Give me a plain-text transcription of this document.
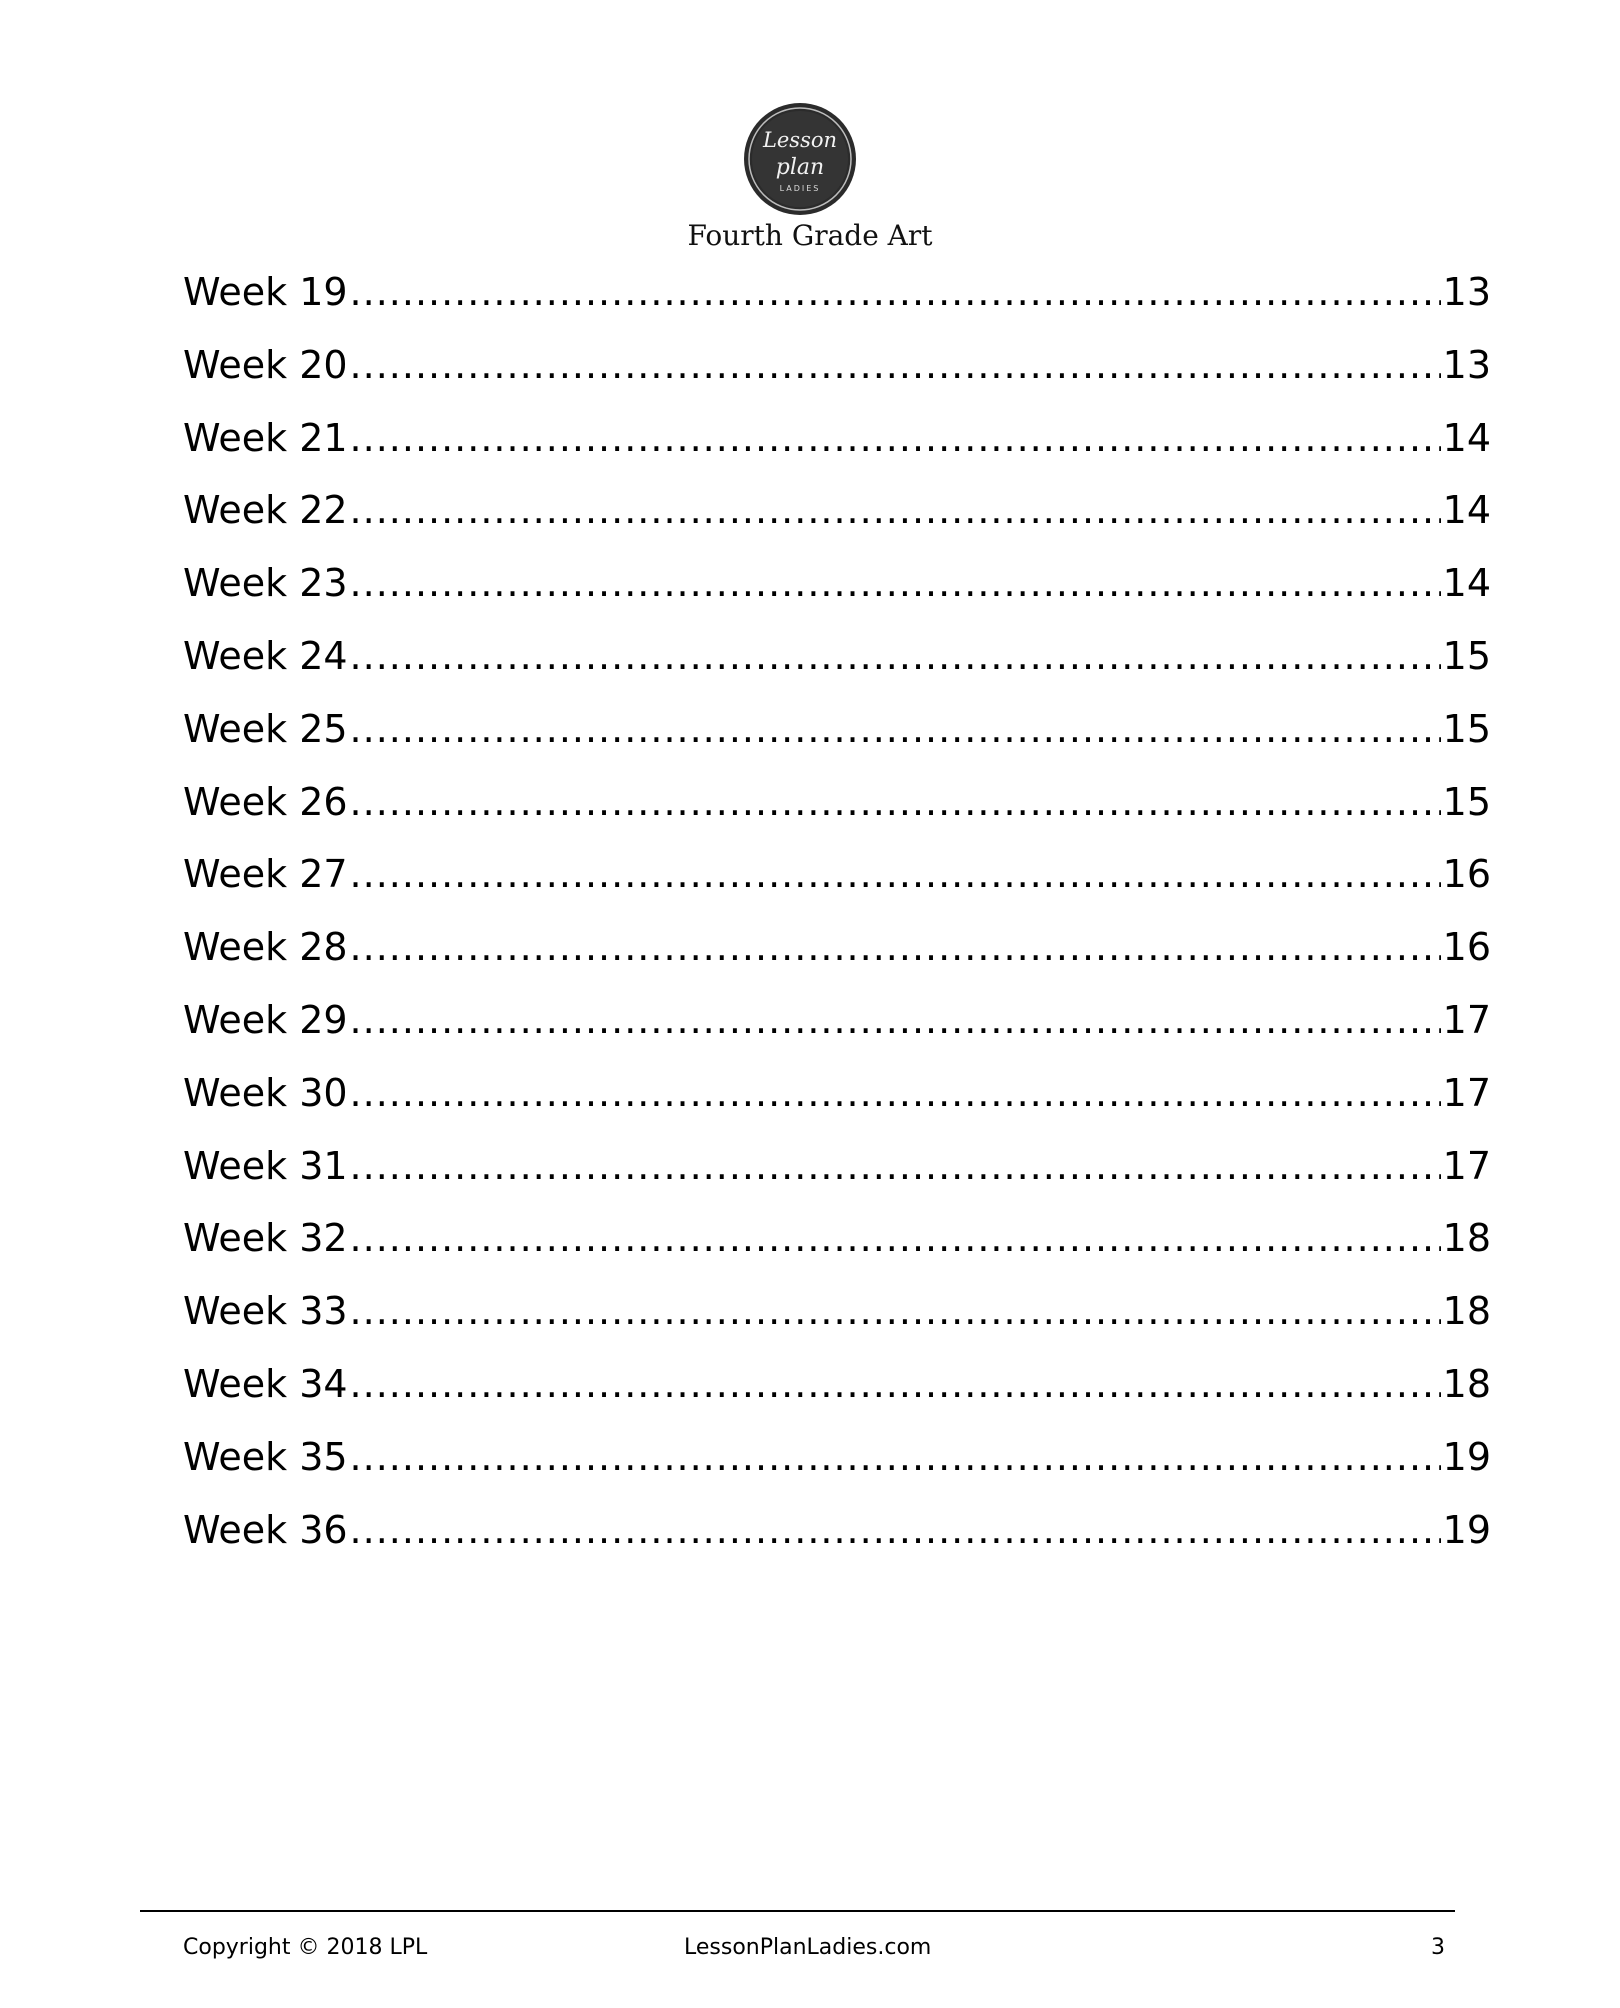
Lesson
plan
LADIES
Fourth Grade Art
Week 19 .....	13
Week 20 .....	13
Week 21 .....	14
Week 22 .....	14
Week 23 .....	14
Week 24 .....	15
Week 25 .....	15
Week 26 .....	15
Week 27 .....	16
Week 28 .....	16
Week 29 .....	17
Week 30 .....	17
Week 31 .....	17
Week 32 .....	18
Week 33 .....	18
Week 34 .....	18
Week 35 .....	19
Week 36 .....	19
Copyright © 2018 LPL	LessonPlanLadies.com	3
